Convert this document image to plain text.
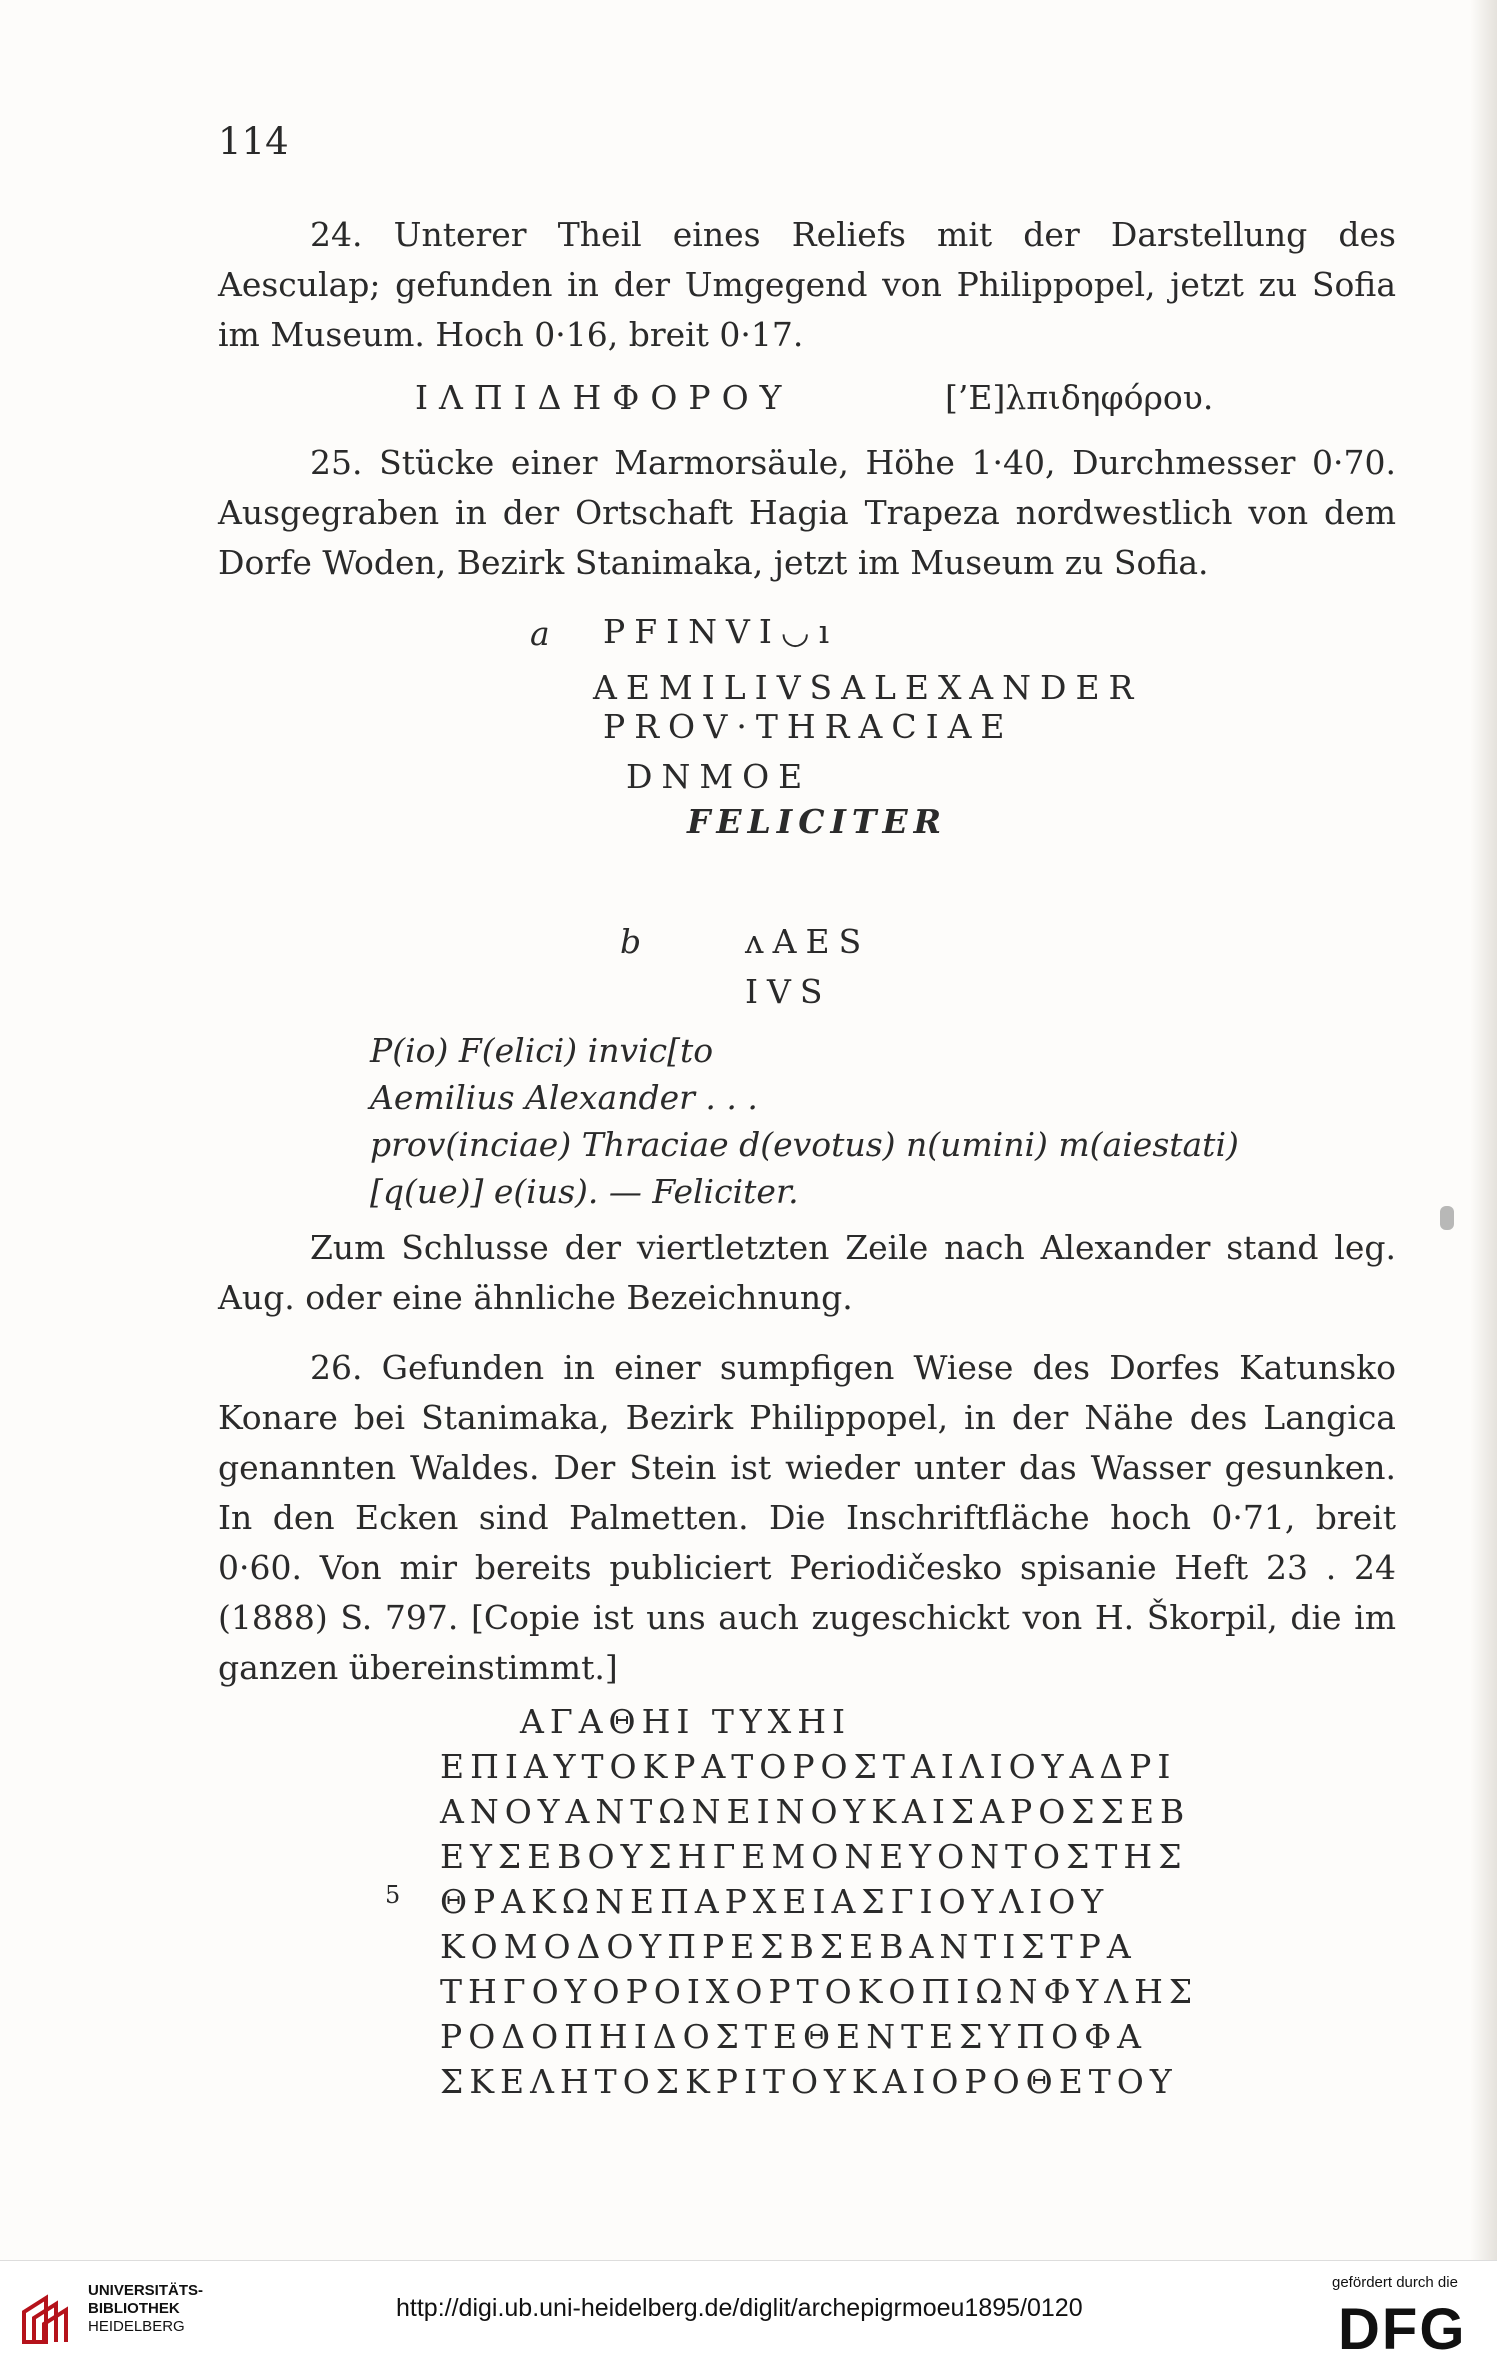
114

24. Unterer Theil eines Reliefs mit der Darstellung des Aesculap; gefunden in der Umgegend von Philippopel, jetzt zu Sofia im Museum. Hoch 0·16, breit 0·17.

ΙΛΠΙΔΗΦΟΡΟΥ	[’Ε]λπιδηφόρου.

25. Stücke einer Marmorsäule, Höhe 1·40, Durchmesser 0·70. Ausgegraben in der Ortschaft Hagia Trapeza nordwestlich von dem Dorfe Woden, Bezirk Stanimaka, jetzt im Museum zu Sofia.

a PFINVI◡ı
AEMILIVSALEXANDER
PROV·THRACIAE
DNMOE
FELICITER
b	ʌAES
IVS
P(io) F(elici) invic[to
Aemilius Alexander . . .
prov(inciae) Thraciae d(evotus) n(umini) m(aiestati)
[q(ue)] e(ius). — Feliciter.

Zum Schlusse der viertletzten Zeile nach Alexander stand leg. Aug. oder eine ähnliche Bezeichnung.

26. Gefunden in einer sumpfigen Wiese des Dorfes Katunsko Konare bei Stanimaka, Bezirk Philippopel, in der Nähe des Langica genannten Waldes. Der Stein ist wieder unter das Wasser gesunken. In den Ecken sind Palmetten. Die Inschriftfläche hoch 0·71, breit 0·60. Von mir bereits publiciert Periodičesko spisanie Heft 23 . 24 (1888) S. 797. [Copie ist uns auch zugeschickt von H. Škorpil, die im ganzen übereinstimmt.]

ΑΓΑΘΗΙ ΤΥΧΗΙ
ΕΠΙΑΥΤΟΚΡΑΤΟΡΟΣΤΑΙΛΙΟΥΑΔΡΙ
ΑΝΟΥΑΝΤΩΝΕΙΝΟΥΚΑΙΣΑΡΟΣΣΕΒ
ΕΥΣΕΒΟΥΣΗΓΕΜΟΝΕΥΟΝΤΟΣΤΗΣ
5 ΘΡΑΚΩΝΕΠΑΡΧΕΙΑΣΓΙΟΥΛΙΟΥ
ΚΟΜΟΔΟΥΠΡΕΣΒΣΕΒΑΝΤΙΣΤΡΑ
ΤΗΓΟΥΟΡΟΙΧΟΡΤΟΚΟΠΙΩΝΦΥΛΗΣ
ΡΟΔΟΠΗΙΔΟΣΤΕΘΕΝΤΕΣΥΠΟΦΑ
ΣΚΕΛΗΤΟΣΚΡΙΤΟΥΚΑΙΟΡΟΘΕΤΟΥ
UNIVERSITÄTS-
BIBLIOTHEK
HEIDELBERG
http://digi.ub.uni-heidelberg.de/diglit/archepigrmoeu1895/0120
gefördert durch die
DFG
